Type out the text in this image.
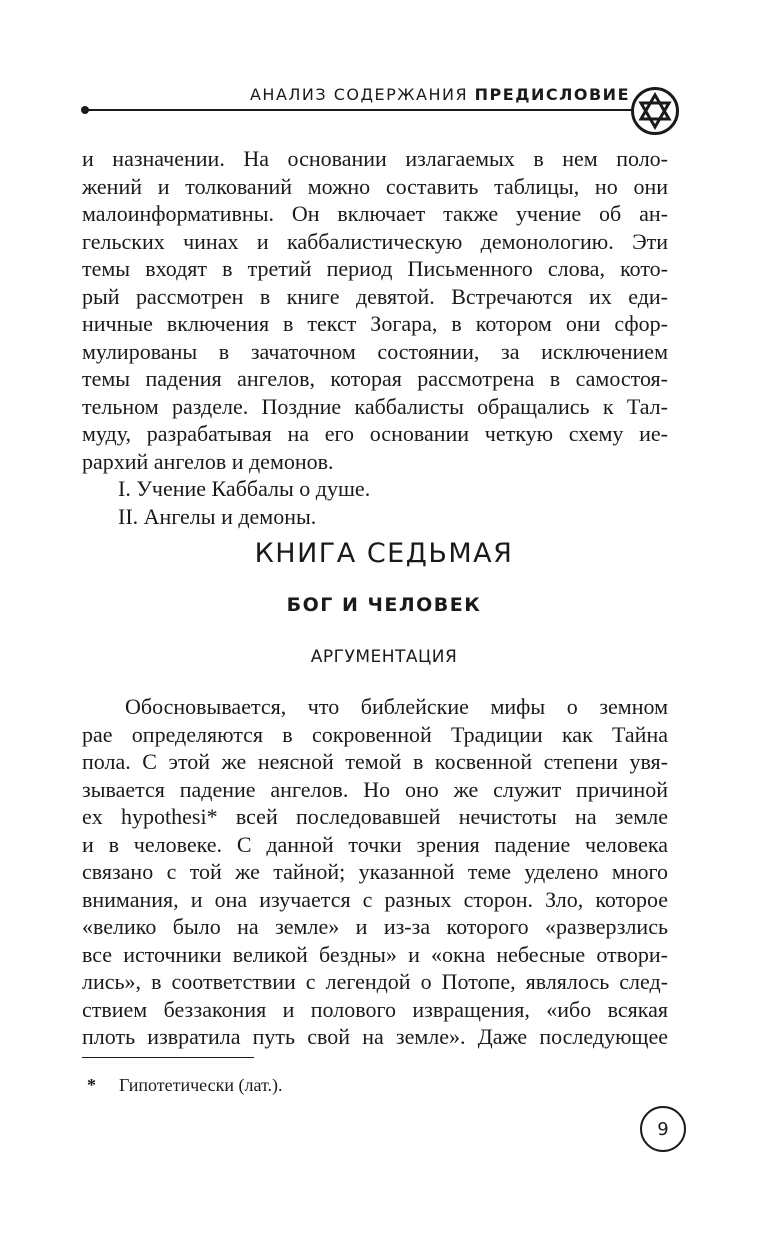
АНАЛИЗ СОДЕРЖАНИЯ ПРЕДИСЛОВИЕ
и назначении. На основании излагаемых в нем поло-
жений и толкований можно составить таблицы, но они
малоинформативны. Он включает также учение об ан-
гельских чинах и каббалистическую демонологию. Эти
темы входят в третий период Письменного слова, кото-
рый рассмотрен в книге девятой. Встречаются их еди-
ничные включения в текст Зогара, в котором они сфор-
мулированы в зачаточном состоянии, за исключением
темы падения ангелов, которая рассмотрена в самостоя-
тельном разделе. Поздние каббалисты обращались к Тал-
муду, разрабатывая на его основании четкую схему ие-
рархий ангелов и демонов.
I. Учение Каббалы о душе.
II. Ангелы и демоны.
КНИГА СЕДЬМАЯ
БОГ И ЧЕЛОВЕК
АРГУМЕНТАЦИЯ
Обосновывается, что библейские мифы о земном
рае определяются в сокровенной Традиции как Тайна
пола. С этой же неясной темой в косвенной степени увя-
зывается падение ангелов. Но оно же служит причиной
ex hypothesi* всей последовавшей нечистоты на земле
и в человеке. С данной точки зрения падение человека
связано с той же тайной; указанной теме уделено много
внимания, и она изучается с разных сторон. Зло, которое
«велико было на земле» и из-за которого «разверзлись
все источники великой бездны» и «окна небесные отвори-
лись», в соответствии с легендой о Потопе, являлось след-
ствием беззакония и полового извращения, «ибо всякая
плоть извратила путь свой на земле». Даже последующее
* Гипотетически (лат.).
9
